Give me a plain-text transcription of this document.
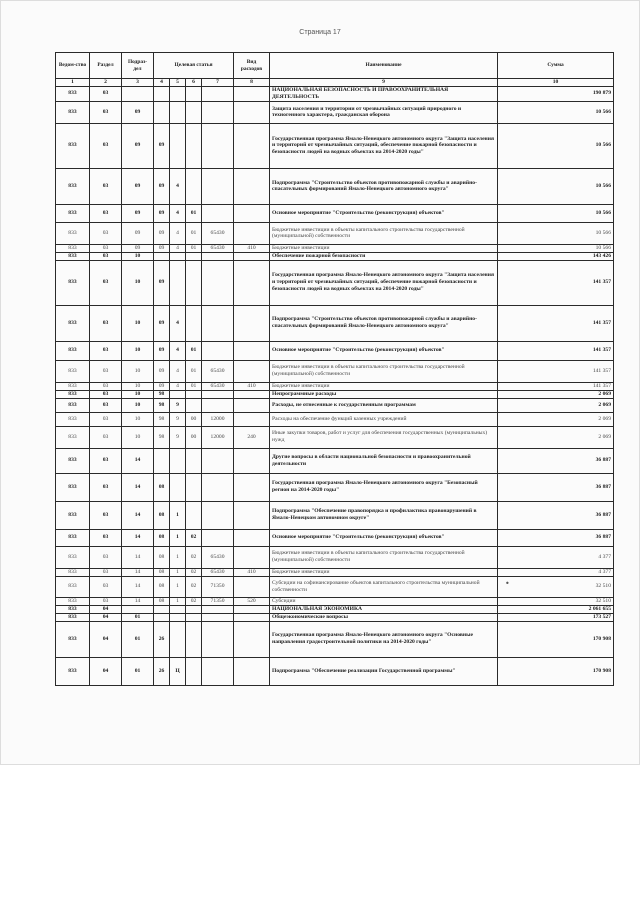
Страница 17
Ведом-ство	Раздел	Подраз-дел	Целевая статья				Вид расходов	Наименование	Сумма
1	2	3	4	5	6	7	8	9	10
833	03							НАЦИОНАЛЬНАЯ БЕЗОПАСНОСТЬ И ПРАВООХРАНИТЕЛЬНАЯ ДЕЯТЕЛЬНОСТЬ	190 879
833	03	09						Защита населения и территории от чрезвычайных ситуаций природного и техногенного характера, гражданская оборона	10 566
833	03	09	09					Государственная программа Ямало-Ненецкого автономного округа "Защита населения и территорий от чрезвычайных ситуаций, обеспечение пожарной безопасности и безопасности людей на водных объектах на 2014-2020 годы"	10 566
833	03	09	09	4				Подпрограмма "Строительство объектов противопожарной службы и аварийно-спасательных формирований Ямало-Ненецкого автономного округа"	10 566
833	03	09	09	4	01			Основное мероприятие "Строительство (реконструкция) объектов"	10 566
833	03	09	09	4	01	65430		Бюджетные инвестиции в объекты капитального строительства государственной (муниципальной) собственности	10 566
833	03	09	09	4	01	65430	410	Бюджетные инвестиции	10 566
833	03	10						Обеспечение пожарной безопасности	143 426
833	03	10	09					Государственная программа Ямало-Ненецкого автономного округа "Защита населения и территорий от чрезвычайных ситуаций, обеспечение пожарной безопасности и безопасности людей на водных объектах на 2014-2020 годы"	141 357
833	03	10	09	4				Подпрограмма "Строительство объектов противопожарной службы и аварийно-спасательных формирований Ямало-Ненецкого автономного округа"	141 357
833	03	10	09	4	01			Основное мероприятие "Строительство (реконструкция) объектов"	141 357
833	03	10	09	4	01	65430		Бюджетные инвестиции в объекты капитального строительства государственной (муниципальной) собственности	141 357
833	03	10	09	4	01	65430	410	Бюджетные инвестиции	141 357
833	03	10	98					Непрограммные расходы	2 069
833	03	10	98	9				Расходы, не отнесенные к государственным программам	2 069
833	03	10	98	9	00	12000		Расходы на обеспечение функций казенных учреждений	2 069
833	03	10	98	9	00	12000	240	Иные закупки товаров, работ и услуг для обеспечения государственных (муниципальных) нужд	2 069
833	03	14						Другие вопросы в области национальной безопасности и правоохранительной деятельности	36 887
833	03	14	08					Государственная программа Ямало-Ненецкого автономного округа "Безопасный регион на 2014-2020 годы"	36 887
833	03	14	08	1				Подпрограмма "Обеспечение правопорядка и профилактика правонарушений в Ямало-Ненецком автономном округе"	36 887
833	03	14	08	1	02			Основное мероприятие "Строительство (реконструкция) объектов"	36 887
833	03	14	08	1	02	65430		Бюджетные инвестиции в объекты капитального строительства государственной (муниципальной) собственности	4 377
833	03	14	08	1	02	65430	410	Бюджетные инвестиции	4 377
833	03	14	08	1	02	71350		Субсидии на софинансирование объектов капитального строительства муниципальной собственности	32 510
833	03	14	08	1	02	71350	520	Субсидии	32 510
833	04							НАЦИОНАЛЬНАЯ ЭКОНОМИКА	2 061 655
833	04	01						Общеэкономические вопросы	173 527
833	04	01	26					Государственная программа Ямало-Ненецкого автономного округа "Основные направления градостроительной политики на 2014-2020 годы"	170 908
833	04	01	26	Ц				Подпрограмма "Обеспечение реализации Государственной программы"	170 908
•
